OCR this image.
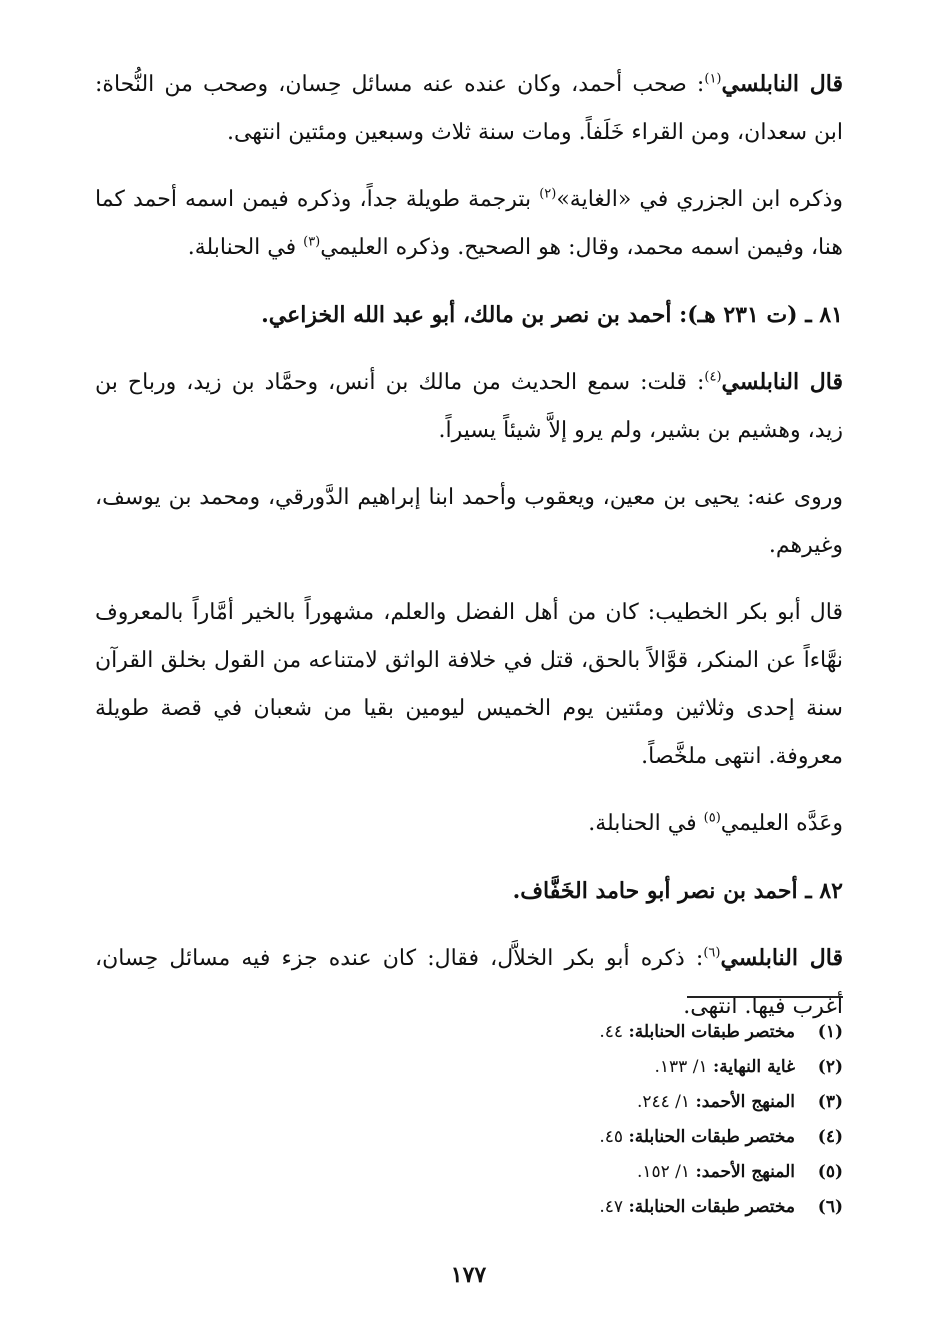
قال النابلسي$^{(١)}$: صحب أحمد، وكان عنده عنه مسائل حِسان، وصحب من النُّحاة: ابن سعدان، ومن القراء خَلَفاً. ومات سنة ثلاث وسبعين ومئتين انتهى.

وذكره ابن الجزري في «الغاية»$^{(٢)}$ بترجمة طويلة جداً، وذكره فيمن اسمه أحمد كما هنا، وفيمن اسمه محمد، وقال: هو الصحيح. وذكره العليمي$^{(٣)}$ في الحنابلة.

٨١ ـ (ت ٢٣١ هـ): أحمد بن نصر بن مالك، أبو عبد الله الخزاعي.

قال النابلسي$^{(٤)}$: قلت: سمع الحديث من مالك بن أنس، وحمَّاد بن زيد، ورباح بن زيد، وهشيم بن بشير، ولم يرو إلاَّ شيئاً يسيراً.

وروى عنه: يحيى بن معين، ويعقوب وأحمد ابنا إبراهيم الدَّورقي، ومحمد بن يوسف، وغيرهم.

قال أبو بكر الخطيب: كان من أهل الفضل والعلم، مشهوراً بالخير أمَّاراً بالمعروف نهَّاءاً عن المنكر، قوَّالاً بالحق، قتل في خلافة الواثق لامتناعه من القول بخلق القرآن سنة إحدى وثلاثين ومئتين يوم الخميس ليومين بقيا من شعبان في قصة طويلة معروفة. انتهى ملخَّصاً.

وعَدَّه العليمي$^{(٥)}$ في الحنابلة.

٨٢ ـ أحمد بن نصر أبو حامد الخَفَّاف.

قال النابلسي$^{(٦)}$: ذكره أبو بكر الخلاَّل، فقال: كان عنده جزء فيه مسائل حِسان، أغرب فيها. انتهى.

(١)مختصر طبقات الحنابلة: ٤٤.
(٢)غاية النهاية: ١/ ١٣٣.
(٣)المنهج الأحمد: ١/ ٢٤٤.
(٤)مختصر طبقات الحنابلة: ٤٥.
(٥)المنهج الأحمد: ١/ ١٥٢.
(٦)مختصر طبقات الحنابلة: ٤٧.
١٧٧
